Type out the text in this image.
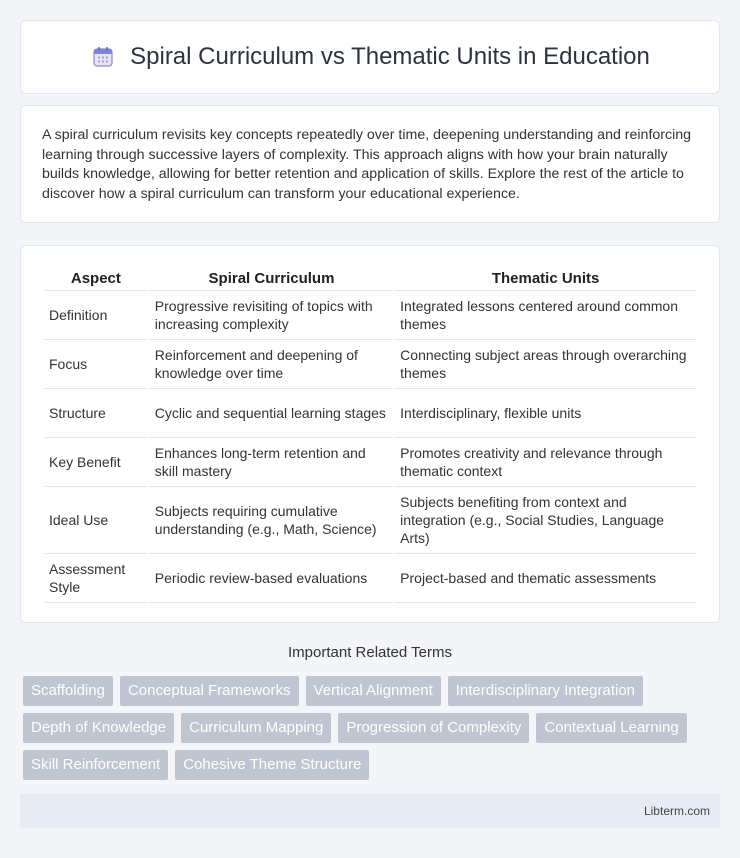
Spiral Curriculum vs Thematic Units in Education

A spiral curriculum revisits key concepts repeatedly over time, deepening understanding and reinforcing learning through successive layers of complexity. This approach aligns with how your brain naturally builds knowledge, allowing for better retention and application of skills. Explore the rest of the article to discover how a spiral curriculum can transform your educational experience.

Aspect	Spiral Curriculum	Thematic Units
Definition	Progressive revisiting of topics with increasing complexity	Integrated lessons centered around common themes
Focus	Reinforcement and deepening of knowledge over time	Connecting subject areas through overarching themes
Structure	Cyclic and sequential learning stages	Interdisciplinary, flexible units
Key Benefit	Enhances long-term retention and skill mastery	Promotes creativity and relevance through thematic context
Ideal Use	Subjects requiring cumulative understanding (e.g., Math, Science)	Subjects benefiting from context and integration (e.g., Social Studies, Language Arts)
Assessment Style	Periodic review-based evaluations	Project-based and thematic assessments
Important Related Terms
Scaffolding	Conceptual Frameworks	Vertical Alignment	Interdisciplinary Integration
Depth of Knowledge	Curriculum Mapping	Progression of Complexity	Contextual Learning
Skill Reinforcement	Cohesive Theme Structure
Libterm.com
